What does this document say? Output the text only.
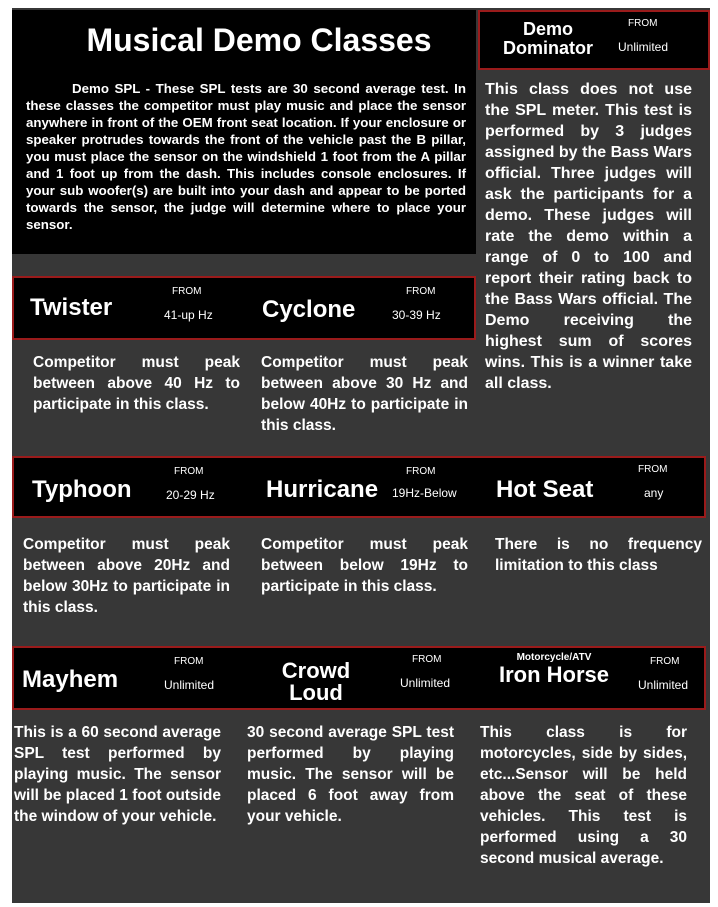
Musical Demo Classes
Demo SPL - These SPL tests are 30 second average test. In these classes the competitor must play music and place the sensor anywhere in front of the OEM front seat location. If your enclosure or speaker protrudes towards the front of the vehicle past the B pillar, you must place the sensor on the windshield 1 foot from the A pillar and 1 foot up from the dash. This includes console enclosures. If your sub woofer(s) are built into your dash and appear to be ported towards the sensor, the judge will determine where to place your sensor.
Demo Dominator
FROM
Unlimited
This class does not use the SPL meter. This test is performed by 3 judges assigned by the Bass Wars official. Three judges will ask the participants for a demo. These judges will rate the demo within a range of 0 to 100 and report their rating back to the Bass Wars official. The Demo receiving the highest sum of scores wins. This is a winner take all class.
Twister
FROM
41-up Hz Cyclone
FROM
30-39 Hz
Competitor must peak between above 40 Hz to participate in this class.
Competitor must peak between above 30 Hz and below 40Hz to participate in this class.
Typhoon
FROM
20-29 Hz Hurricane
FROM
19Hz-Below Hot Seat
FROM
any
Competitor must peak between above 20Hz and below 30Hz to participate in this class.
Competitor must peak between below 19Hz to participate in this class.
There is no frequency limitation to this class
Mayhem
FROM
Unlimited
Crowd Loud
FROM
Unlimited
Motorcycle/ATV
Iron Horse
FROM
Unlimited
This is a 60 second average SPL test performed by playing music. The sensor will be placed 1 foot outside the window of your vehicle.
30 second average SPL test performed by playing music. The sensor will be placed 6 foot away from your vehicle.
This class is for motorcycles, side by sides, etc...Sensor will be held above the seat of these vehicles. This test is performed using a 30 second musical average.
